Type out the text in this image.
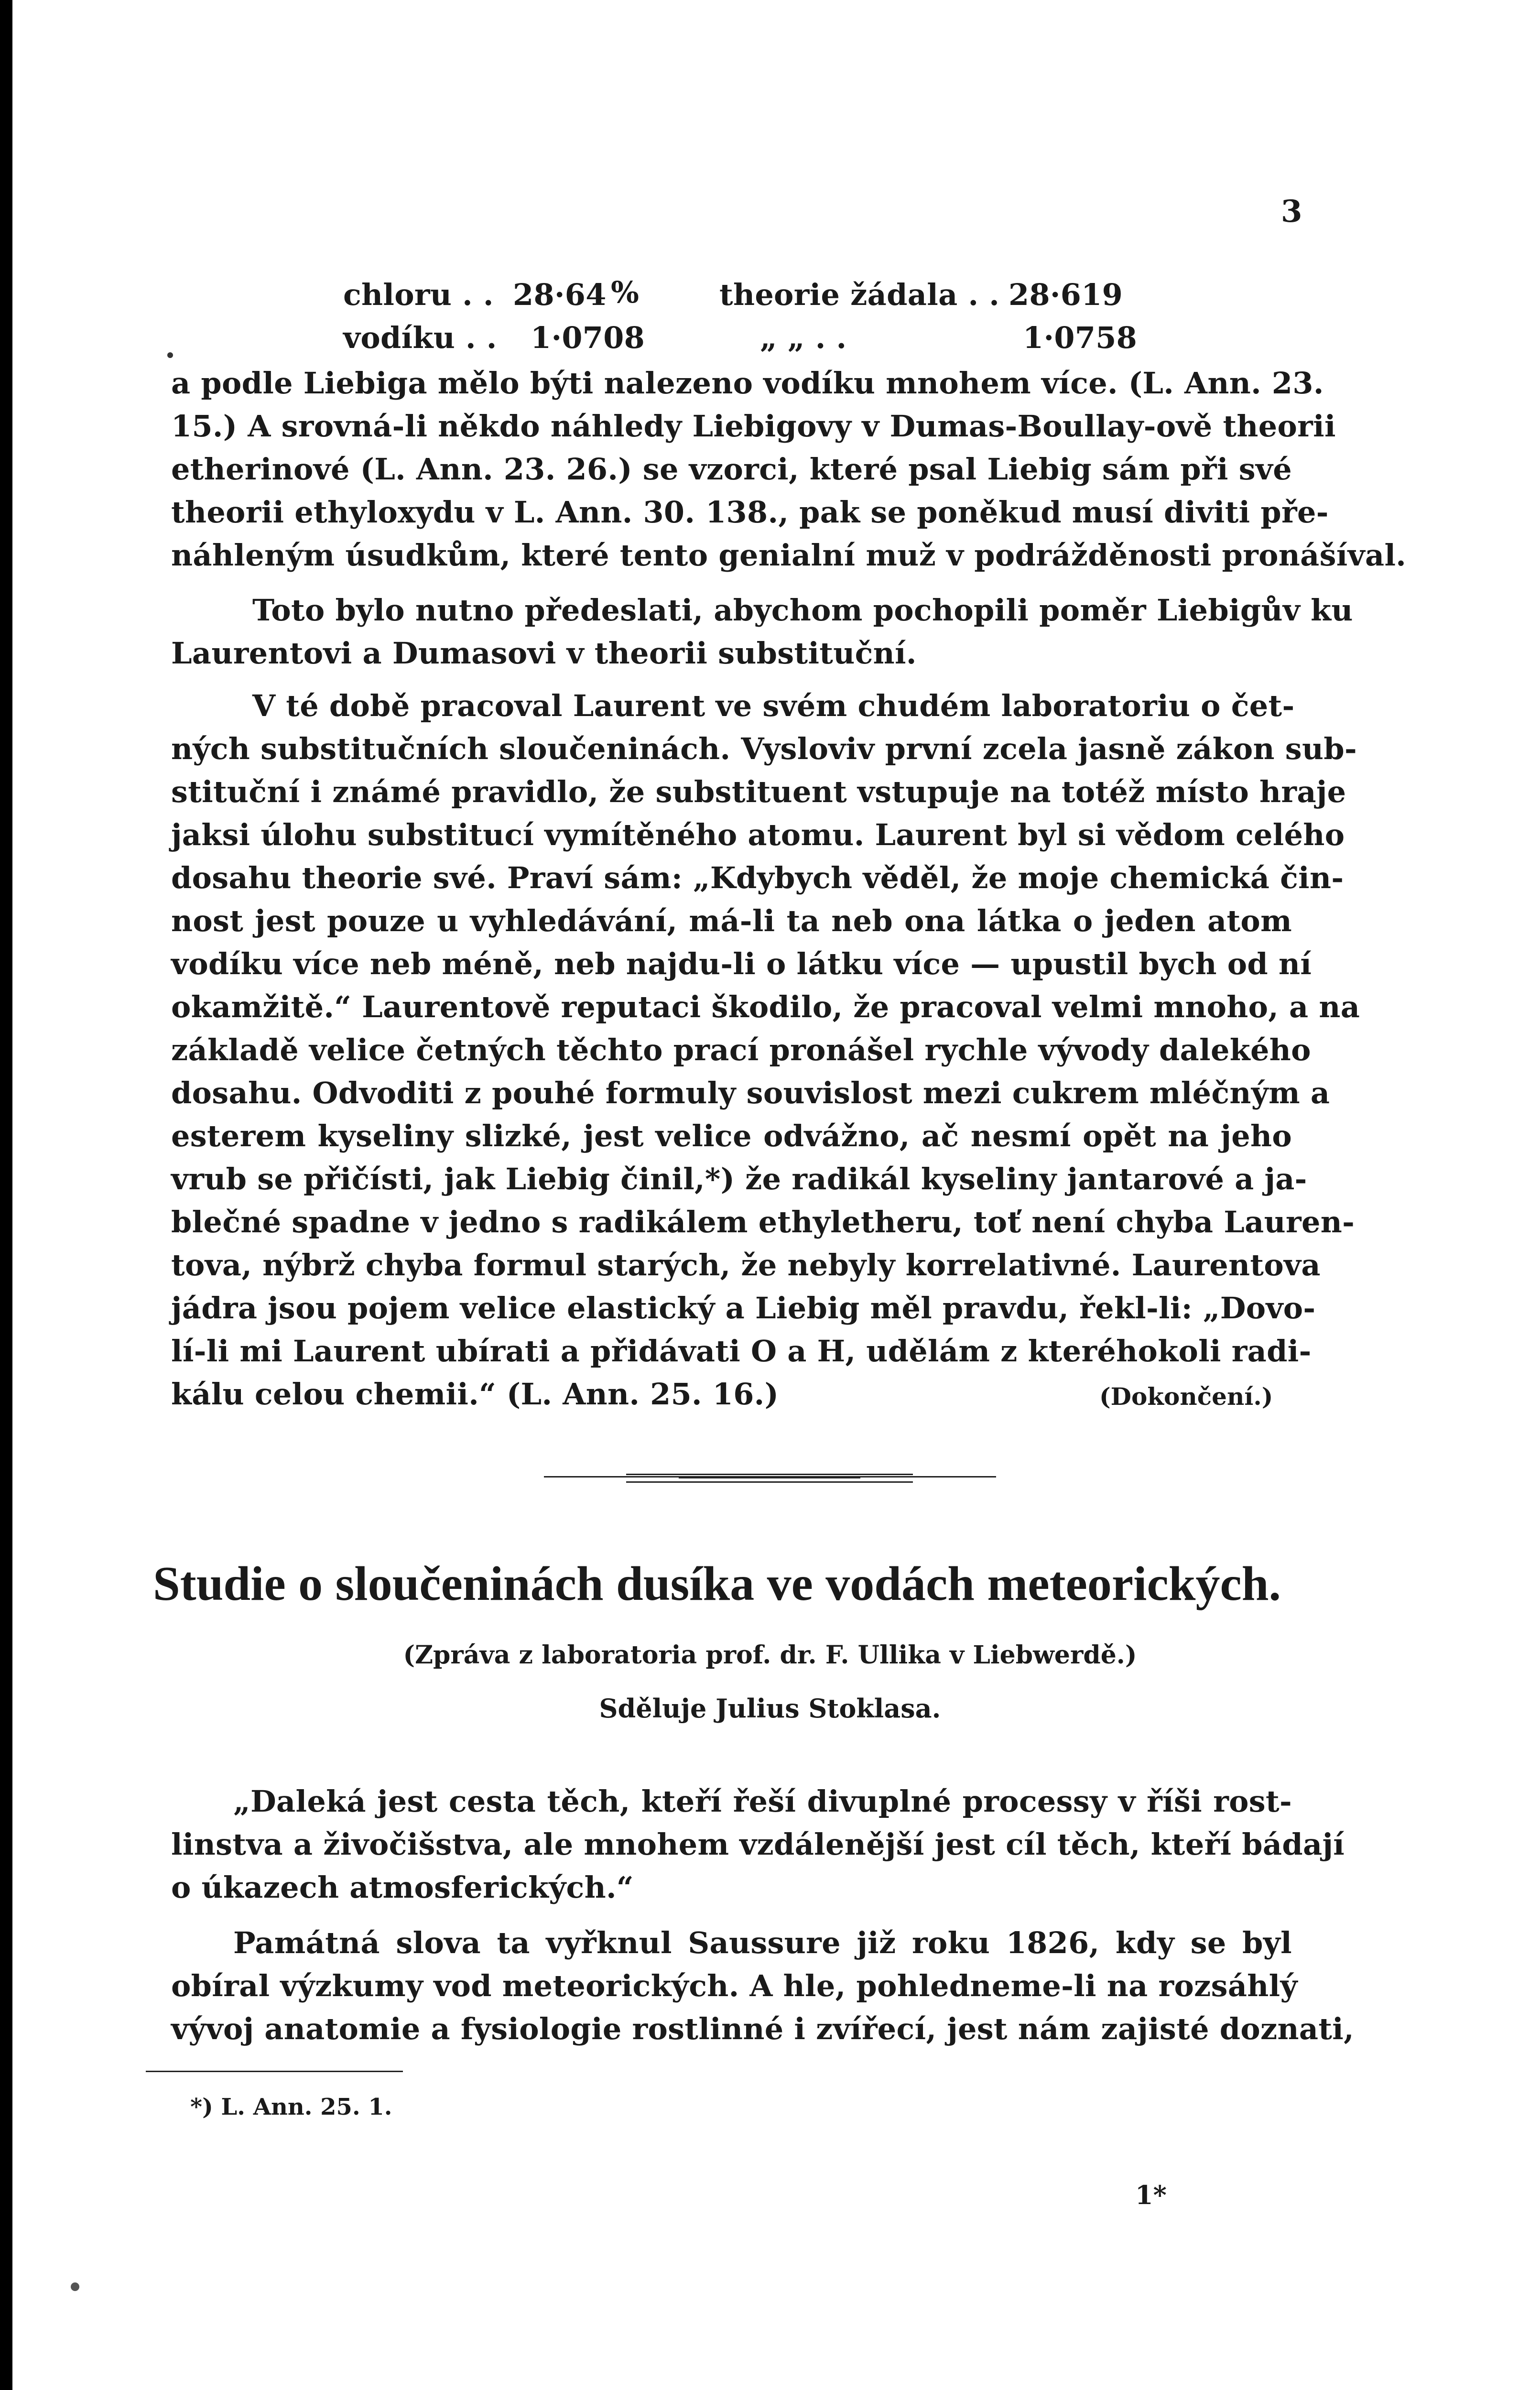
3
chloru . . 28·64 %	theorie žádala . . 28·619
vodíku . . 1·0708	„ „ . .	1·0758
a podle Liebiga mělo býti nalezeno vodíku mnohem více. (L. Ann. 23.
15.) A srovná-li někdo náhledy Liebigovy v Dumas-Boullay-ově theorii
etherinové (L. Ann. 23. 26.) se vzorci, které psal Liebig sám při své
theorii ethyloxydu v L. Ann. 30. 138., pak se poněkud musí diviti pře-
náhleným úsudkům, které tento genialní muž v podrážděnosti pronášíval.
Toto bylo nutno předeslati, abychom pochopili poměr Liebigův ku
Laurentovi a Dumasovi v theorii substituční.
V té době pracoval Laurent ve svém chudém laboratoriu o čet-
ných substitučních sloučeninách. Vysloviv první zcela jasně zákon sub-
stituční i známé pravidlo, že substituent vstupuje na totéž místo hraje
jaksi úlohu substitucí vymítěného atomu. Laurent byl si vědom celého
dosahu theorie své. Praví sám: „Kdybych věděl, že moje chemická čin-
nost jest pouze u vyhledávání, má-li ta neb ona látka o jeden atom
vodíku více neb méně, neb najdu-li o látku více — upustil bych od ní
okamžitě.“ Laurentově reputaci škodilo, že pracoval velmi mnoho, a na
základě velice četných těchto prací pronášel rychle vývody dalekého
dosahu. Odvoditi z pouhé formuly souvislost mezi cukrem mléčným a
esterem kyseliny slizké, jest velice odvážno, ač nesmí opět na jeho
vrub se přičísti, jak Liebig činil,*) že radikál kyseliny jantarové a ja-
blečné spadne v jedno s radikálem ethyletheru, toť není chyba Lauren-
tova, nýbrž chyba formul starých, že nebyly korrelativné. Laurentova
jádra jsou pojem velice elastický a Liebig měl pravdu, řekl-li: „Dovo-
lí-li mi Laurent ubírati a přidávati O a H, udělám z kteréhokoli radi-
kálu celou chemii.“ (L. Ann. 25. 16.)	(Dokončení.)
Studie o sloučeninách dusíka ve vodách meteorických.
(Zpráva z laboratoria prof. dr. F. Ullika v Liebwerdě.)
Sděluje Julius Stoklasa.
„Daleká jest cesta těch, kteří řeší divuplné processy v říši rost-
linstva a živočišstva, ale mnohem vzdálenější jest cíl těch, kteří bádají
o úkazech atmosferických.“
Památná slova ta vyřknul Saussure již roku 1826, kdy se byl
obíral výzkumy vod meteorických. A hle, pohledneme-li na rozsáhlý
vývoj anatomie a fysiologie rostlinné i zvířecí, jest nám zajisté doznati,
*) L. Ann. 25. 1.
1*
